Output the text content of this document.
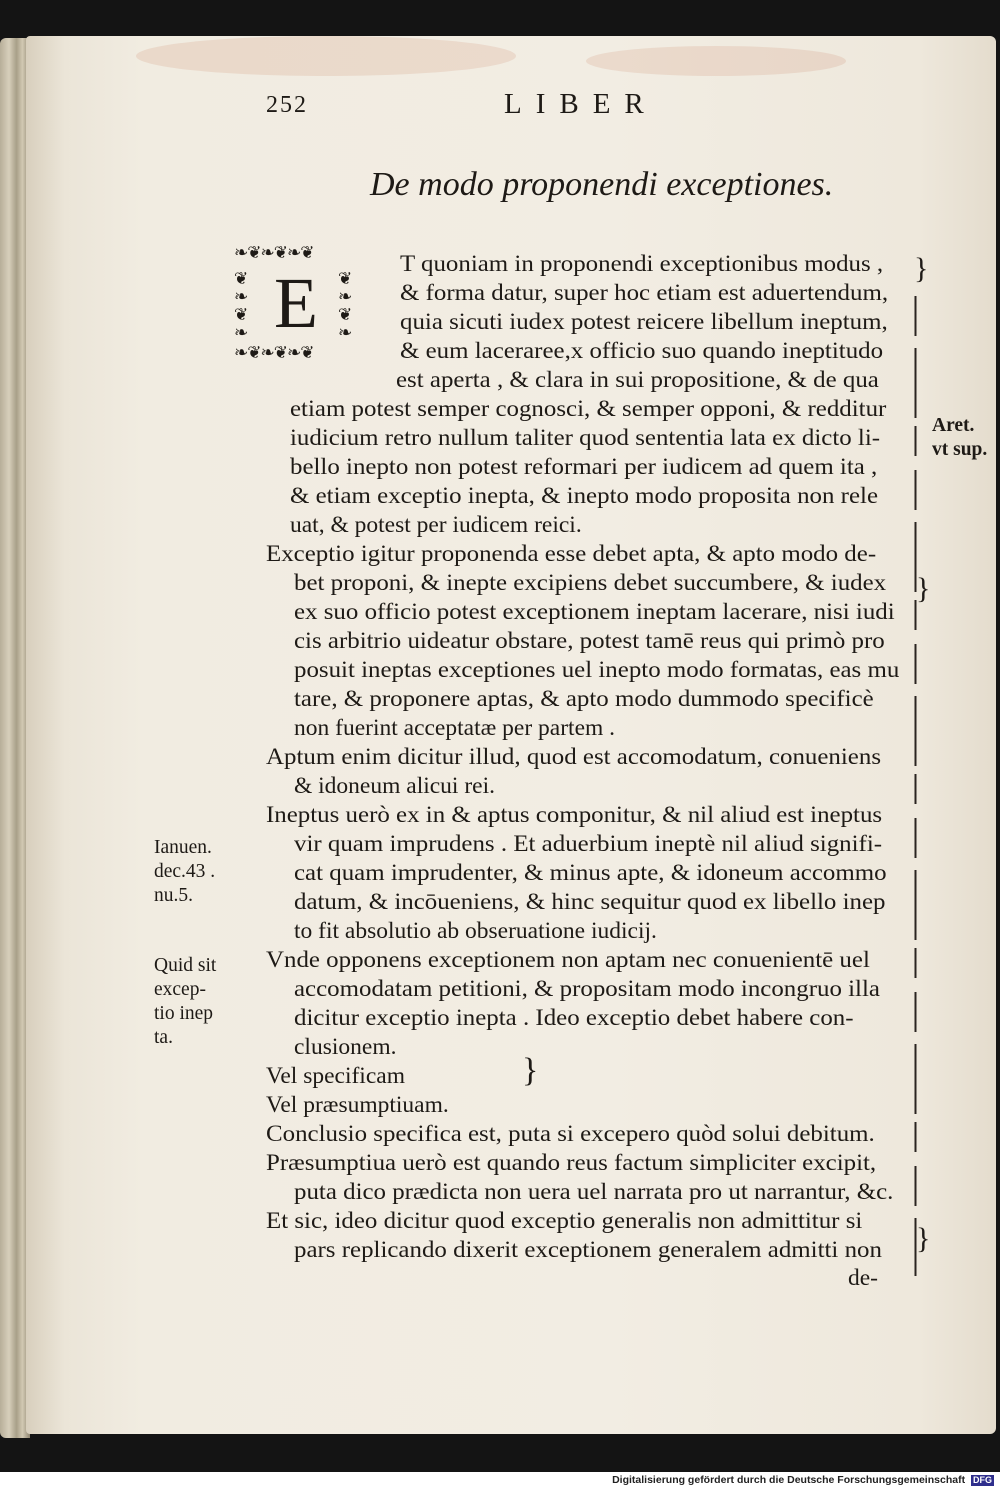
252	LIBER
De modo proponendi exceptiones.
❧❦❧❦❧❦
❧❦❧❦❧❦
❦
❧
❦
❧
❦
❧
❦
❧
E	T quoniam in proponendi exceptionibus modus ,
& forma datur, super hoc etiam est aduertendum,
quia sicuti iudex potest reicere libellum ineptum,
& eum laceraree,x officio suo quando ineptitudo
est aperta , & clara in sui propositione, & de qua
etiam potest semper cognosci, & semper opponi, & redditur
iudicium retro nullum taliter quod sententia lata ex dicto li-
bello inepto non potest reformari per iudicem ad quem ita ,
& etiam exceptio inepta, & inepto modo proposita non rele
uat, & potest per iudicem reici.
Exceptio igitur proponenda esse debet apta, & apto modo de-
bet proponi, & inepte excipiens debet succumbere, & iudex
ex suo officio potest exceptionem ineptam lacerare, nisi iudi
cis arbitrio uideatur obstare, potest tamē reus qui primò pro
posuit ineptas exceptiones uel inepto modo formatas, eas mu
tare, & proponere aptas, & apto modo dummodo specificè
non fuerint acceptatæ per partem .
Aptum enim dicitur illud, quod est accomodatum, conueniens
& idoneum alicui rei.
Ineptus uerò ex in & aptus componitur, & nil aliud est ineptus
vir quam imprudens . Et aduerbium ineptè nil aliud signifi-
cat quam imprudenter, & minus apte, & idoneum accommo
datum, & incōueniens, & hinc sequitur quod ex libello inep
to fit absolutio ab obseruatione iudicij.
Vnde opponens exceptionem non aptam nec conuenientē uel
accomodatam petitioni, & propositam modo incongruo illa
dicitur exceptio inepta . Ideo exceptio debet habere con-
clusionem.
Vel specificam
Vel præsumptiuam.
Conclusio specifica est, puta si excepero quòd solui debitum.
Præsumptiua uerò est quando reus factum simpliciter excipit,
puta dico prædicta non uera uel narrata pro ut narrantur, &c.
Et sic, ideo dicitur quod exceptio generalis non admittitur si
pars replicando dixerit exceptionem generalem admitti non
Aret.
vt sup.
Ianuen.
dec.43 .
nu.5.
Quid sit
excep-
tio inep
ta.
}
}
}
}
de-
Digitalisierung gefördert durch die Deutsche Forschungsgemeinschaft DFG
